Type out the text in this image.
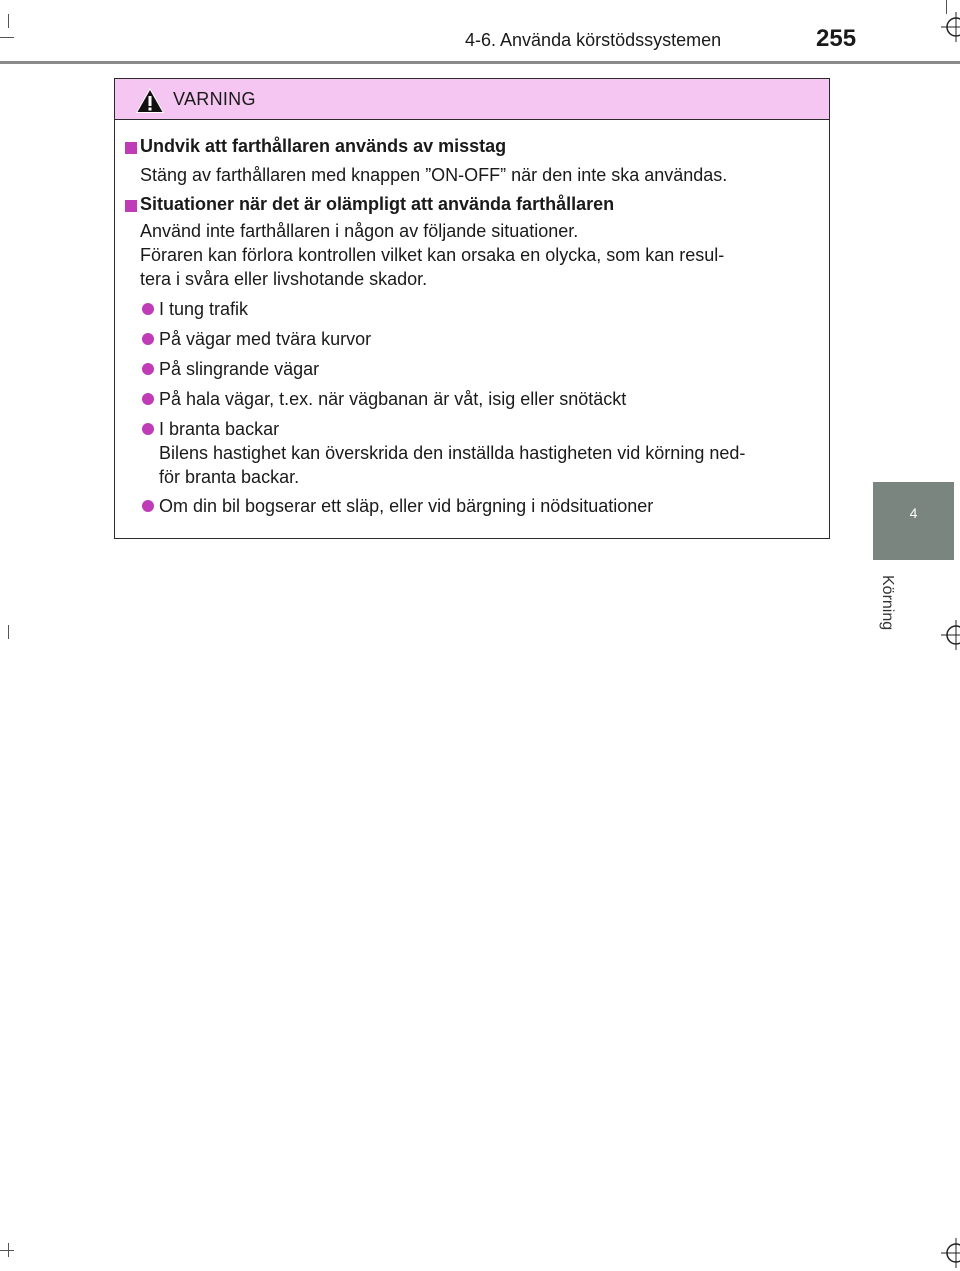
4-6. Använda körstödssystemen	255
4
Körning
VARNING
Undvik att farthållaren används av misstag
Stäng av farthållaren med knappen ”ON-OFF” när den inte ska användas.
Situationer när det är olämpligt att använda farthållaren
Använd inte farthållaren i någon av följande situationer.
Föraren kan förlora kontrollen vilket kan orsaka en olycka, som kan resul-
tera i svåra eller livshotande skador.
I tung trafik
På vägar med tvära kurvor
På slingrande vägar
På hala vägar, t.ex. när vägbanan är våt, isig eller snötäckt
I branta backar
Bilens hastighet kan överskrida den inställda hastigheten vid körning ned-
för branta backar.
Om din bil bogserar ett släp, eller vid bärgning i nödsituationer
